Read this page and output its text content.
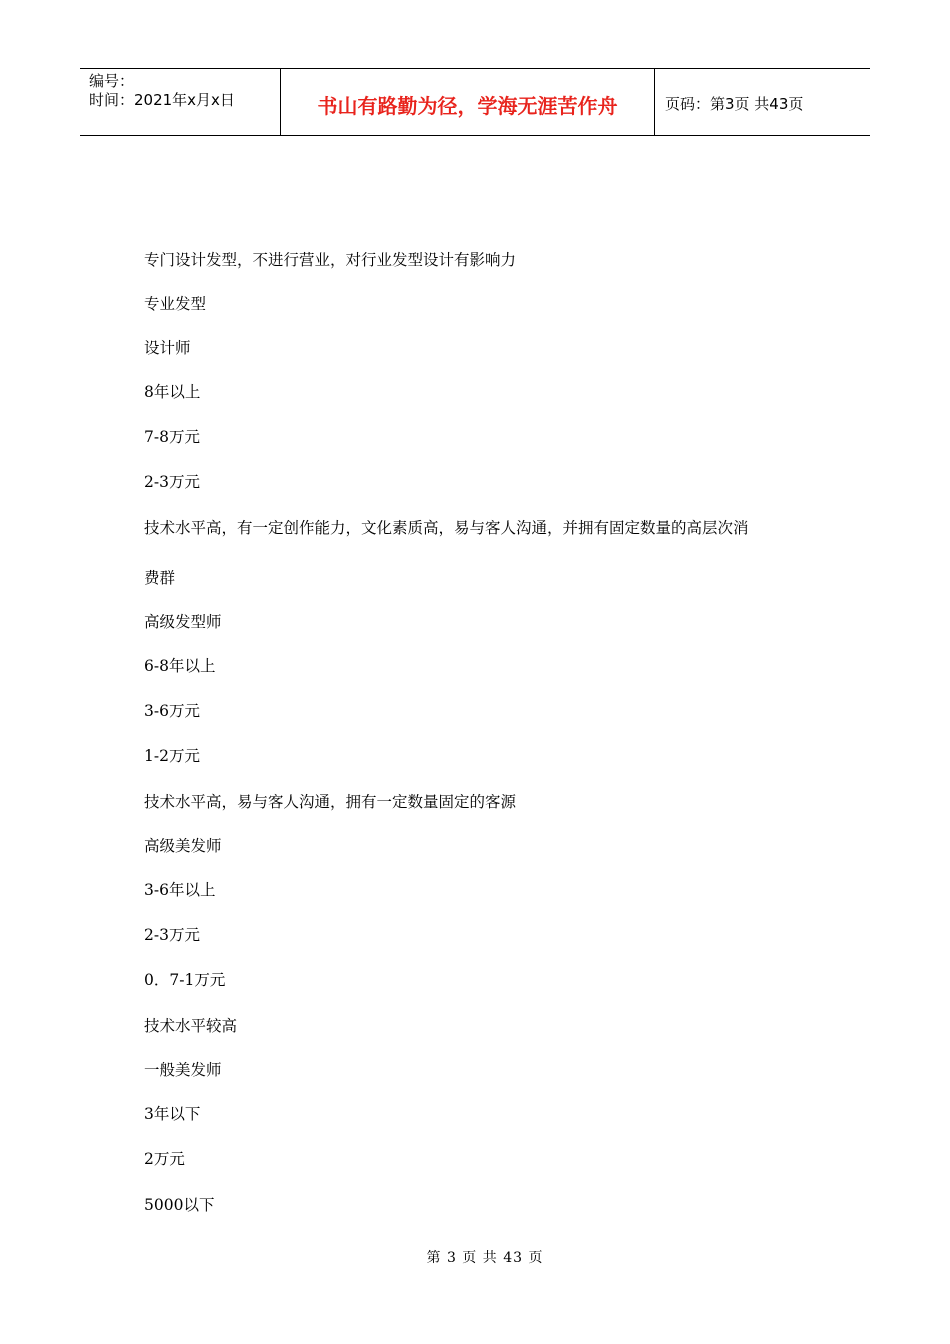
编号：
时间：2021年x月x日	书山有路勤为径，学海无涯苦作舟	页码：第3页 共43页
专门设计发型，不进行营业，对行业发型设计有影响力
专业发型
设计师
8年以上
7-8万元
2-3万元
技术水平高，有一定创作能力，文化素质高，易与客人沟通，并拥有固定数量的高层次消
费群
高级发型师
6-8年以上
3-6万元
1-2万元
技术水平高，易与客人沟通，拥有一定数量固定的客源
高级美发师
3-6年以上
2-3万元
0．7-1万元
技术水平较高
一般美发师
3年以下
2万元
5000以下
第 3 页 共 43 页
